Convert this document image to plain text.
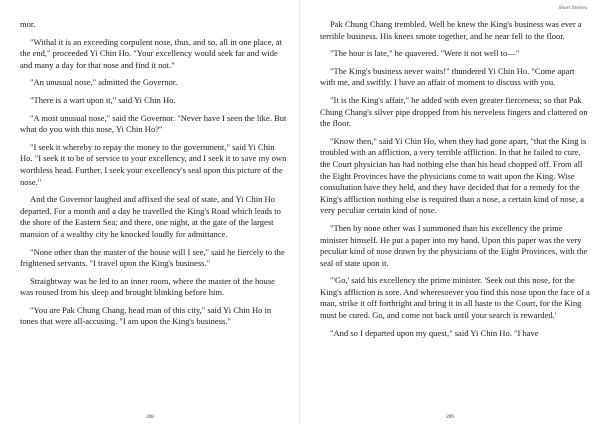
mor.

"Withal it is an exceeding corpulent nose, thus, and so, all in one place, at the end," proceeded Yi Chin Ho. "Your excellency would seek far and wide and many a day for that nose and find it not."

"An unusual nose," admitted the Governor.

"There is a wart upon it," said Yi Chin Ho.

"A most unusual nose," said the Governor. "Never have I seen the like. But what do you with this nose, Yi Chin Ho?"

"I seek it whereby to repay the money to the government," said Yi Chin Ho. "I seek it to be of service to your excellency, and I seek it to save my own worthless head. Further, I seek your excellency's seal upon this picture of the nose."

And the Governor laughed and affixed the seal of state, and Yi Chin Ho departed. For a month and a day he travelled the King's Road which leads to the shore of the Eastern Sea; and there, one night, at the gate of the largest mansion of a wealthy city he knocked loudly for admittance.

"None other than the master of the house will I see," said he fiercely to the frightened servants. "I travel upon the King's business."

Straightway was he led to an inner room, where the master of the house was roused from his sleep and brought blinking before him.

"You are Pak Chung Chang, head man of this city," said Yi Chin Ho in tones that were all-accusing. "I am upon the King's business."

208
Short Stories

Pak Chung Chang trembled. Well he knew the King's business was ever a terrible business. His knees smote together, and he near fell to the floor.

"The hour is late," he quavered. "Were it not well to—"

"The King's business never waits!" thundered Yi Chin Ho. "Come apart with me, and swiftly. I have an affair of moment to discuss with you.

"It is the King's affair," he added with even greater fierceness; so that Pak Chung Chang's silver pipe dropped from his nerveless fingers and clattered on the floor.

"Know then," said Yi Chin Ho, when they had gone apart, "that the King is troubled with an affliction, a very terrible affliction. In that he failed to cure, the Court physician has had nothing else than his head chopped off. From all the Eight Provinces have the physicians come to wait upon the King. Wise consultation have they held, and they have decided that for a remedy for the King's affliction nothing else is required than a nose, a certain kind of nose, a very peculiar certain kind of nose.

"Then by none other was I summoned than his excellency the prime minister himself. He put a paper into my hand. Upon this paper was the very peculiar kind of nose drawn by the physicians of the Eight Provinces, with the seal of state upon it.

"'Go,' said his excellency the prime minister. 'Seek out this nose, for the King's affliction is sore. And wheresoever you find this nose upon the face of a man, strike it off forthright and bring it in all haste to the Court, for the King must be cured. Go, and come not back until your search is rewarded.'

"And so I departed upon my quest," said Yi Chin Ho. "I have

209
